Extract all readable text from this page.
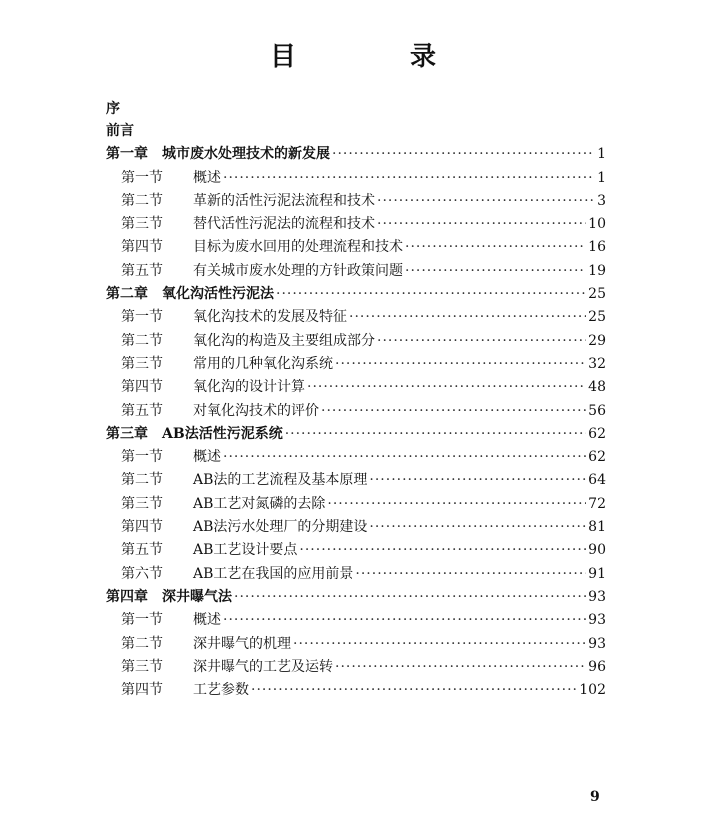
目　录
序
前言
第一章 城市废水处理技术的新发展 ·····	1
第一节	概述 ·····	1
第二节	革新的活性污泥法流程和技术 ·····	3
第三节	替代活性污泥法的流程和技术 ·····	10
第四节	目标为废水回用的处理流程和技术 ·····	16
第五节	有关城市废水处理的方针政策问题 ·····	19
第二章 氧化沟活性污泥法 ·····	25
第一节	氧化沟技术的发展及特征 ·····	25
第二节	氧化沟的构造及主要组成部分 ·····	29
第三节	常用的几种氧化沟系统 ·····	32
第四节	氧化沟的设计计算 ·····	48
第五节	对氧化沟技术的评价 ·····	56
第三章 AB法活性污泥系统 ·····	62
第一节	概述 ·····	62
第二节	AB法的工艺流程及基本原理 ·····	64
第三节	AB工艺对氮磷的去除 ·····	72
第四节	AB法污水处理厂的分期建设 ·····	81
第五节	AB工艺设计要点 ·····	90
第六节	AB工艺在我国的应用前景 ·····	91
第四章 深井曝气法 ·····	93
第一节	概述 ·····	93
第二节	深井曝气的机理 ·····	93
第三节	深井曝气的工艺及运转 ·····	96
第四节	工艺参数 ·····	102
9
